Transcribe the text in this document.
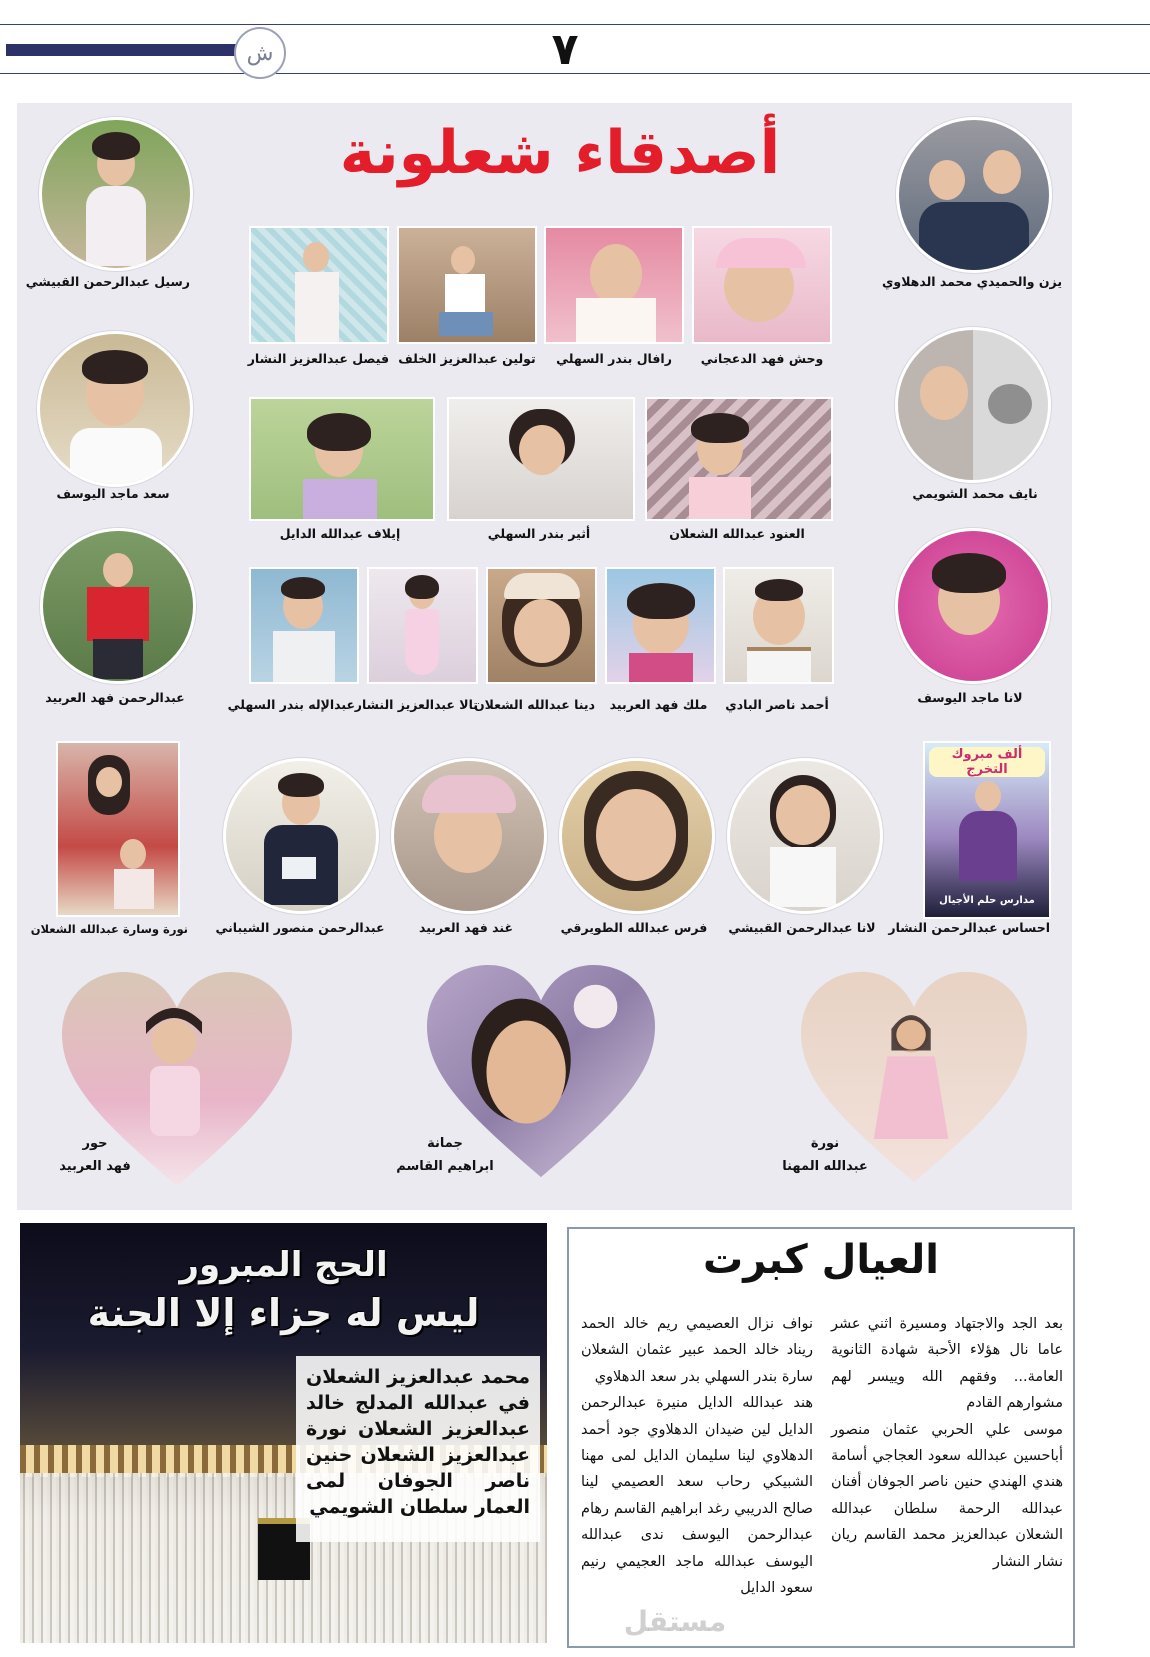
ش	٧
أصدقاء شعلونة
رسيل عبدالرحمن القبيشي	يزن والحميدي محمد الدهلاوي
فيصل عبدالعزيز النشار تولين عبدالعزيز الخلف	رافال بندر السهلي	وحش فهد الدعجاني
سعد ماجد اليوسف	نايف محمد الشويمي
إيلاف عبدالله الدايل	أثير بندر السهلي	العنود عبدالله الشعلان
عبدالرحمن فهد العربيد	لانا ماجد اليوسف
عبدالإله بندر السهلي تالا عبدالعزيز النشار
دينا عبدالله الشعلان	ملك فهد العربيد	أحمد ناصر البادي
نورة وسارة عبدالله الشعلان	عبدالرحمن منصور الشيباني	غند فهد العربيد	فرس عبدالله الطويرقي لانا عبدالرحمن القبيشي
ألف مبروك التخرج
مدارس حلم الأجيال
احساس عبدالرحمن النشار
حور
فهد العربيد
جمانة
ابراهيم القاسم
نورة
عبدالله المهنا
الحج المبرور
ليس له جزاء إلا الجنة

محمد عبدالعزيز الشعلان في عبدالله المدلج خالد عبدالعزيز الشعلان نورة عبدالعزيز الشعلان حنين ناصر الجوفان لمى العمار سلطان الشويمي

العيال كبرت

بعد الجد والاجتهاد ومسيرة اثني عشر عاما نال هؤلاء الأحبة شهادة الثانوية العامة... وفقهم الله وييسر لهم مشوارهم القادم

موسى علي الحربي عثمان منصور أباحسين عبدالله سعود العجاجي أسامة هندي الهندي حنين ناصر الجوفان أفنان عبدالله الرحمة سلطان عبدالله الشعلان عبدالعزيز محمد القاسم ريان نشار النشار

نواف نزال العصيمي ريم خالد الحمد ريناد خالد الحمد عبير عثمان الشعلان سارة بندر السهلي بدر سعد الدهلاوي

هند عبدالله الدايل منيرة عبدالرحمن الدايل لين ضيدان الدهلاوي جود أحمد الدهلاوي لينا سليمان الدايل لمى مهنا الشبيكي رحاب سعد العصيمي لينا صالح الدريبي رغد ابراهيم القاسم رهام عبدالرحمن اليوسف ندى عبدالله اليوسف عبدالله ماجد العجيمي رنيم سعود الدايل

مستقل
